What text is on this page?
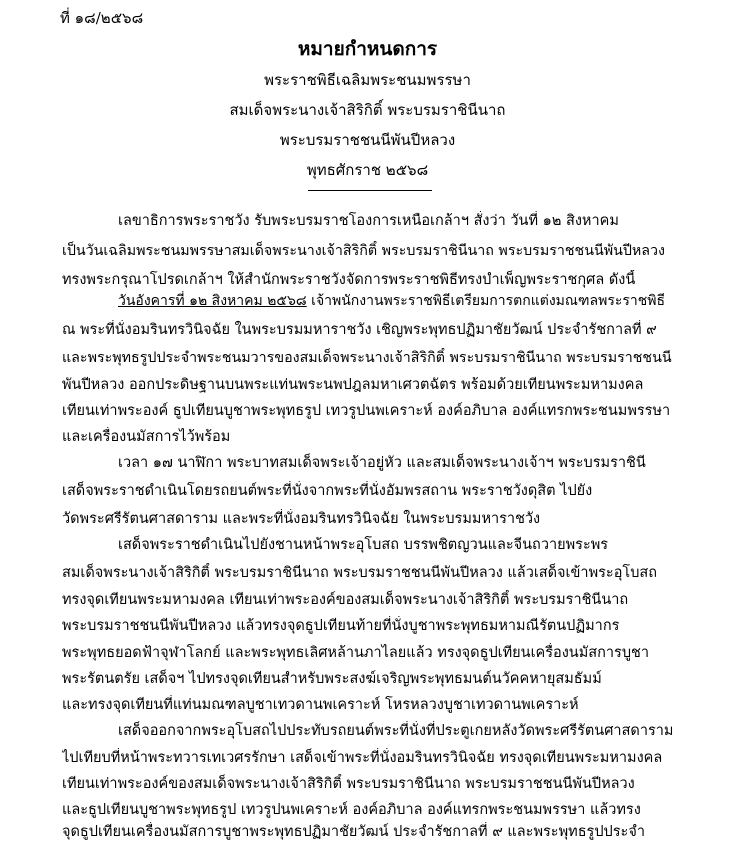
ที่ ๑๘/๒๕๖๘
หมายกำหนดการ
พระราชพิธีเฉลิมพระชนมพรรษา
สมเด็จพระนางเจ้าสิริกิติ์ พระบรมราชินีนาถ
พระบรมราชชนนีพันปีหลวง
พุทธศักราช ๒๕๖๘
เลขาธิการพระราชวัง รับพระบรมราชโองการเหนือเกล้าฯ สั่งว่า วันที่ ๑๒ สิงหาคม
เป็นวันเฉลิมพระชนมพรรษาสมเด็จพระนางเจ้าสิริกิติ์ พระบรมราชินีนาถ พระบรมราชชนนีพันปีหลวง
ทรงพระกรุณาโปรดเกล้าฯ ให้สำนักพระราชวังจัดการพระราชพิธีทรงบำเพ็ญพระราชกุศล ดังนี้
วันอังคารที่ ๑๒ สิงหาคม ๒๕๖๘ เจ้าพนักงานพระราชพิธีเตรียมการตกแต่งมณฑลพระราชพิธี
ณ พระที่นั่งอมรินทรวินิจฉัย ในพระบรมมหาราชวัง เชิญพระพุทธปฏิมาชัยวัฒน์ ประจำรัชกาลที่ ๙
และพระพุทธรูปประจำพระชนมวารของสมเด็จพระนางเจ้าสิริกิติ์ พระบรมราชินีนาถ พระบรมราชชนนี
พันปีหลวง ออกประดิษฐานบนพระแท่นพระนพปฎลมหาเศวตฉัตร พร้อมด้วยเทียนพระมหามงคล
เทียนเท่าพระองค์ ธูปเทียนบูชาพระพุทธรูป เทวรูปนพเคราะห์ องค์อภิบาล องค์แทรกพระชนมพรรษา
และเครื่องนมัสการไว้พร้อม
เวลา ๑๗ นาฬิกา พระบาทสมเด็จพระเจ้าอยู่หัว และสมเด็จพระนางเจ้าฯ พระบรมราชินี
เสด็จพระราชดำเนินโดยรถยนต์พระที่นั่งจากพระที่นั่งอัมพรสถาน พระราชวังดุสิต ไปยัง
วัดพระศรีรัตนศาสดาราม และพระที่นั่งอมรินทรวินิจฉัย ในพระบรมมหาราชวัง
เสด็จพระราชดำเนินไปยังชานหน้าพระอุโบสถ บรรพชิตญวนและจีนถวายพระพร
สมเด็จพระนางเจ้าสิริกิติ์ พระบรมราชินีนาถ พระบรมราชชนนีพันปีหลวง แล้วเสด็จเข้าพระอุโบสถ
ทรงจุดเทียนพระมหามงคล เทียนเท่าพระองค์ของสมเด็จพระนางเจ้าสิริกิติ์ พระบรมราชินีนาถ
พระบรมราชชนนีพันปีหลวง แล้วทรงจุดธูปเทียนท้ายที่นั่งบูชาพระพุทธมหามณีรัตนปฏิมากร
พระพุทธยอดฟ้าจุฬาโลกย์ และพระพุทธเลิศหล้านภาไลยแล้ว ทรงจุดธูปเทียนเครื่องนมัสการบูชา
พระรัตนตรัย เสด็จฯ ไปทรงจุดเทียนสำหรับพระสงฆ์เจริญพระพุทธมนต์นวัคคหายุสมธัมม์
และทรงจุดเทียนที่แท่นมณฑลบูชาเทวดานพเคราะห์ โหรหลวงบูชาเทวดานพเคราะห์
เสด็จออกจากพระอุโบสถไปประทับรถยนต์พระที่นั่งที่ประตูเกยหลังวัดพระศรีรัตนศาสดาราม
ไปเทียบที่หน้าพระทวารเทเวศรรักษา เสด็จเข้าพระที่นั่งอมรินทรวินิจฉัย ทรงจุดเทียนพระมหามงคล
เทียนเท่าพระองค์ของสมเด็จพระนางเจ้าสิริกิติ์ พระบรมราชินีนาถ พระบรมราชชนนีพันปีหลวง
และธูปเทียนบูชาพระพุทธรูป เทวรูปนพเคราะห์ องค์อภิบาล องค์แทรกพระชนมพรรษา แล้วทรง
จุดธูปเทียนเครื่องนมัสการบูชาพระพุทธปฏิมาชัยวัฒน์ ประจำรัชกาลที่ ๙ และพระพุทธรูปประจำ
